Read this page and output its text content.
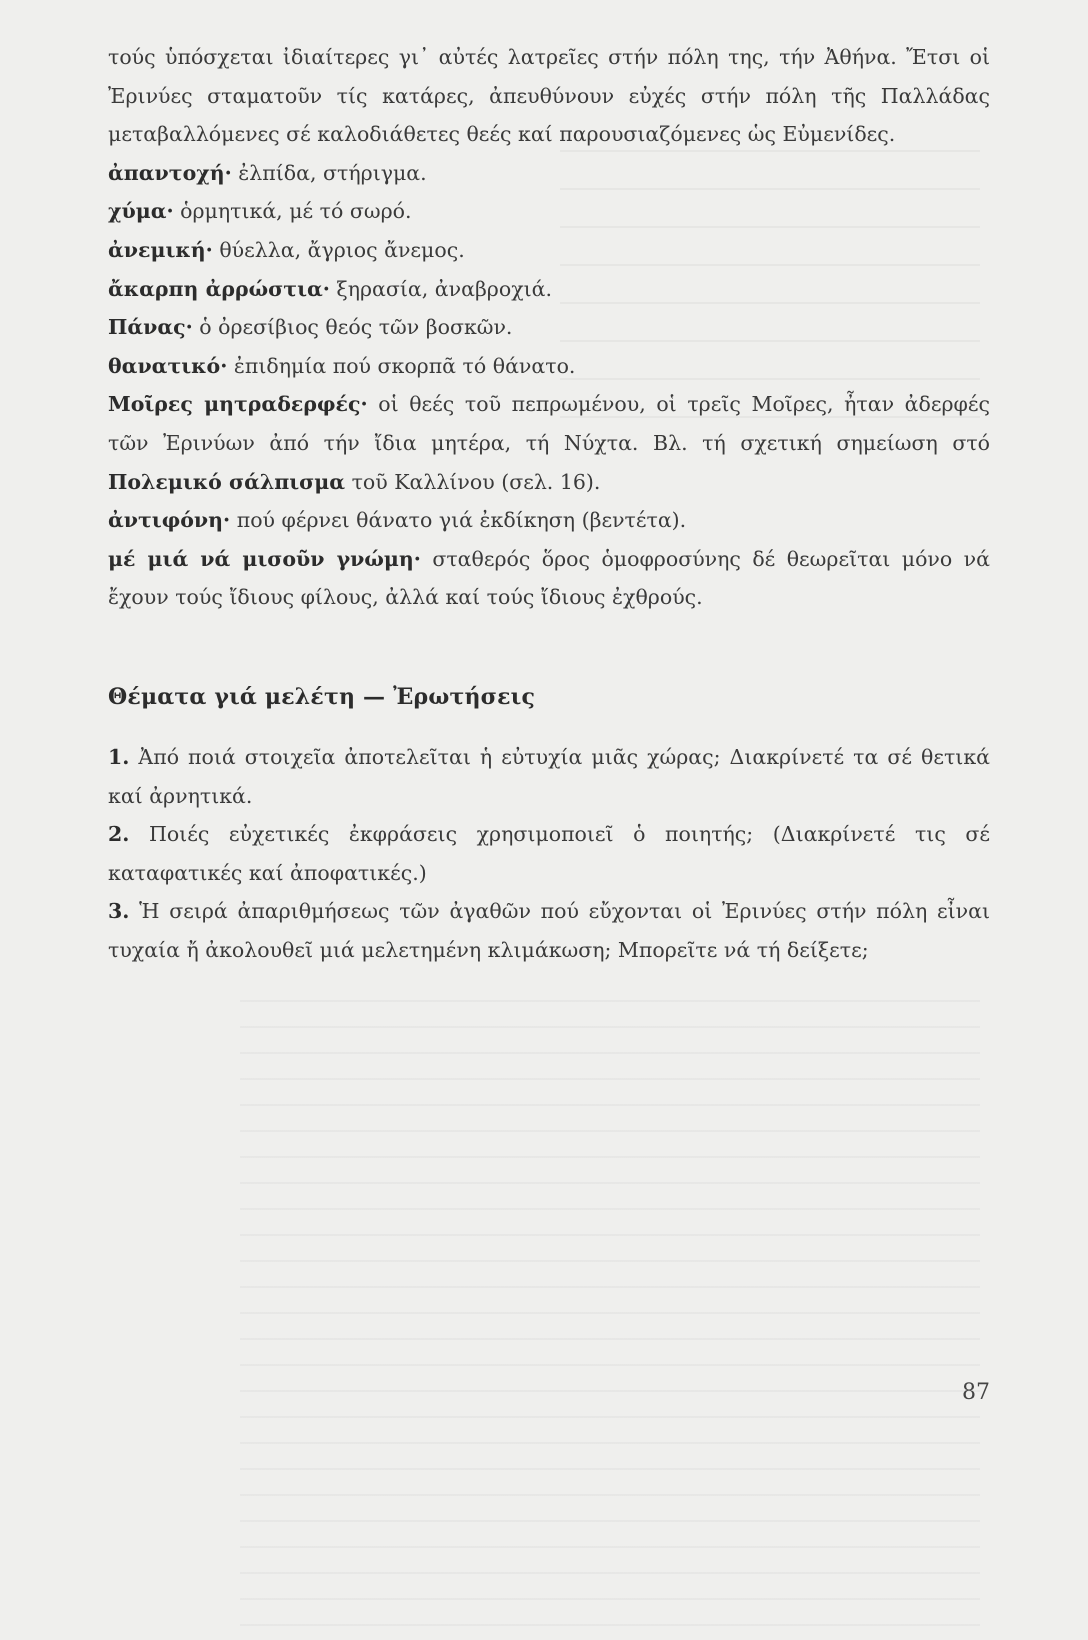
τούς ὑπόσχεται ἰδιαίτερες γι᾽ αὐτές λατρεῖες στήν πόλη της, τήν Ἀθήνα. Ἔτσι οἱ Ἐρινύες σταματοῦν τίς κατάρες, ἀπευθύνουν εὐχές στήν πόλη τῆς Παλλάδας μεταβαλλόμενες σέ καλοδιάθετες θεές καί παρουσιαζόμενες ὡς Εὐμενίδες.

ἀπαντοχή· ἐλπίδα, στήριγμα.

χύμα· ὁρμητικά, μέ τό σωρό.

ἀνεμική· θύελλα, ἄγριος ἄνεμος.

ἄκαρπη ἀρρώστια· ξηρασία, ἀναβροχιά.

Πάνας· ὁ ὀρεσίβιος θεός τῶν βοσκῶν.

θανατικό· ἐπιδημία πού σκορπᾶ τό θάνατο.

Μοῖρες μητραδερφές· οἱ θεές τοῦ πεπρωμένου, οἱ τρεῖς Μοῖρες, ἦταν ἀδερφές τῶν Ἐρινύων ἀπό τήν ἴδια μητέρα, τή Νύχτα. Βλ. τή σχετική σημείωση στό Πολεμικό σάλπισμα τοῦ Καλλίνου (σελ. 16).

ἀντιφόνη· πού φέρνει θάνατο γιά ἐκδίκηση (βεντέτα).

μέ μιά νά μισοῦν γνώμη· σταθερός ὅρος ὁμοφροσύνης δέ θεωρεῖται μόνο νά ἔχουν τούς ἴδιους φίλους, ἀλλά καί τούς ἴδιους ἐχθρούς.

Θέματα γιά μελέτη — Ἐρωτήσεις

1. Ἀπό ποιά στοιχεῖα ἀποτελεῖται ἡ εὐτυχία μιᾶς χώρας; Διακρίνετέ τα σέ θετικά καί ἀρνητικά.

2. Ποιές εὐχετικές ἐκφράσεις χρησιμοποιεῖ ὁ ποιητής; (Διακρίνετέ τις σέ καταφατικές καί ἀποφατικές.)

3. Ἡ σειρά ἀπαριθμήσεως τῶν ἀγαθῶν πού εὔχονται οἱ Ἐρινύες στήν πόλη εἶναι τυχαία ἤ ἀκολουθεῖ μιά μελετημένη κλιμάκωση; Μπορεῖτε νά τή δείξετε;

87
